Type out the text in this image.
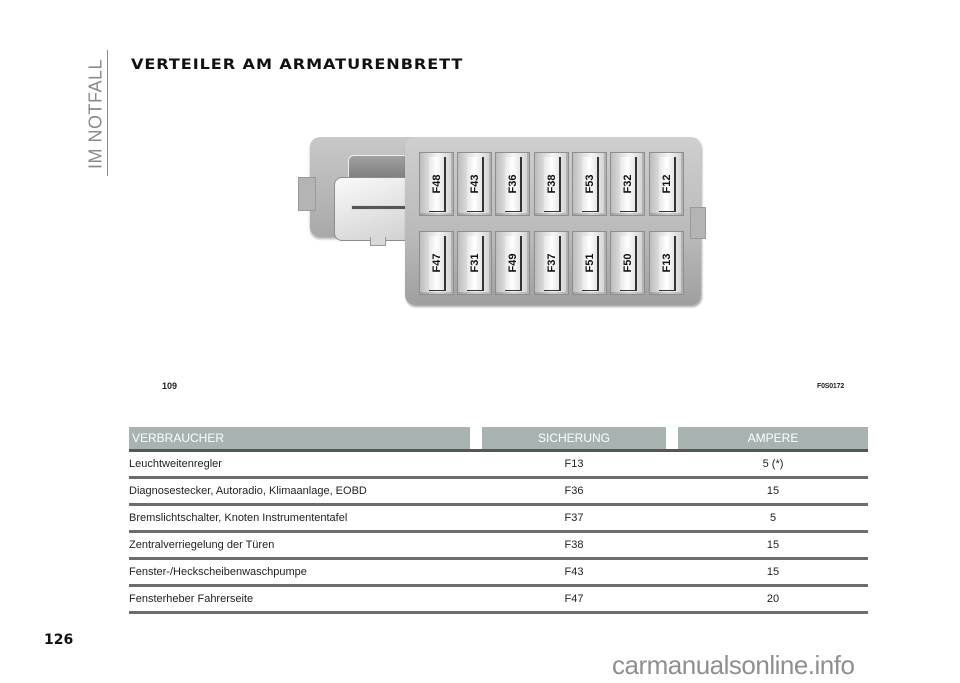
IM NOTFALL VERTEILER AM ARMATURENBRETT
F48 F43 F36 F38 F53 F32 F12
F47 F31 F49 F37 F51 F50 F13
109	F0S0172
VERBRAUCHER	SICHERUNG	AMPERE
Leuchtweitenregler	F13	5 (*)
Diagnosestecker, Autoradio, Klimaanlage, EOBD	F36	15
Bremslichtschalter, Knoten Instrumententafel	F37	5
Zentralverriegelung der Türen	F38	15
Fenster-/Heckscheibenwaschpumpe	F43	15
Fensterheber Fahrerseite	F47	20
126
carmanualsonline.info
